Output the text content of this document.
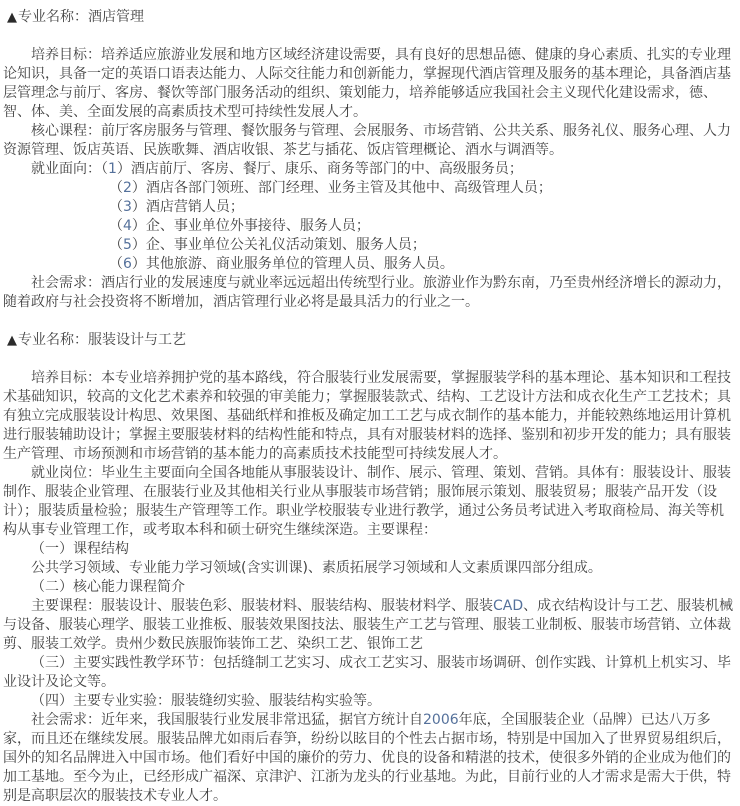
▲专业名称：酒店管理

培养目标：培养适应旅游业发展和地方区域经济建设需要，具有良好的思想品德、健康的身心素质、扎实的专业理论知识，具备一定的英语口语表达能力、人际交往能力和创新能力，掌握现代酒店管理及服务的基本理论，具备酒店基层管理念与前厅、客房、餐饮等部门服务活动的组织、策划能力，培养能够适应我国社会主义现代化建设需求，德、智、体、美、全面发展的高素质技术型可持续性发展人才。

核心课程：前厅客房服务与管理、餐饮服务与管理、会展服务、市场营销、公共关系、服务礼仪、服务心理、人力资源管理、饭店英语、民族歌舞、酒店收银、茶艺与插花、饭店管理概论、酒水与调酒等。

就业面向：（1）酒店前厅、客房、餐厅、康乐、商务等部门的中、高级服务员；

（2）酒店各部门领班、部门经理、业务主管及其他中、高级管理人员；

（3）酒店营销人员；

（4）企、事业单位外事接待、服务人员；

（5）企、事业单位公关礼仪活动策划、服务人员；

（6）其他旅游、商业服务单位的管理人员、服务人员。

社会需求：酒店行业的发展速度与就业率远远超出传统型行业。旅游业作为黔东南，乃至贵州经济增长的源动力，随着政府与社会投资将不断增加，酒店管理行业必将是最具活力的行业之一。

▲专业名称：服装设计与工艺

培养目标：本专业培养拥护党的基本路线，符合服装行业发展需要，掌握服装学科的基本理论、基本知识和工程技术基础知识，较高的文化艺术素养和较强的审美能力；掌握服装款式、结构、工艺设计方法和成衣化生产工艺技术；具有独立完成服装设计构思、效果图、基础纸样和推板及确定加工工艺与成衣制作的基本能力，并能较熟练地运用计算机进行服装辅助设计；掌握主要服装材料的结构性能和特点，具有对服装材料的选择、鉴别和初步开发的能力；具有服装生产管理、市场预测和市场营销的基本能力的高素质技术技能型可持续发展人才。

就业岗位：毕业生主要面向全国各地能从事服装设计、制作、展示、管理、策划、营销。具体有：服装设计、服装制作、服装企业管理、在服装行业及其他相关行业从事服装市场营销；服饰展示策划、服装贸易；服装产品开发（设计）；服装质量检验；服装生产管理等工作。职业学校服装专业进行教学，通过公务员考试进入考取商检局、海关等机构从事专业管理工作，或考取本科和硕士研究生继续深造。主要课程：

（一）课程结构

公共学习领域、专业能力学习领域(含实训课)、素质拓展学习领域和人文素质课四部分组成。

（二）核心能力课程简介

主要课程：服装设计、服装色彩、服装材料、服装结构、服装材料学、服装CAD、成衣结构设计与工艺、服装机械与设备、服装心理学、服装工业推板、服装效果图技法、服装生产工艺与管理、服装工业制板、服装市场营销、立体裁剪、服装工效学。贵州少数民族服饰装饰工艺、染织工艺、银饰工艺

（三）主要实践性教学环节：包括缝制工艺实习、成衣工艺实习、服装市场调研、创作实践、计算机上机实习、毕业设计及论文等。

（四）主要专业实验：服装缝纫实验、服装结构实验等。

社会需求：近年来，我国服装行业发展非常迅猛，据官方统计自2006年底，全国服装企业（品牌）已达八万多家，而且还在继续发展。服装品牌尤如雨后春笋，纷纷以眩目的个性去占据市场，特别是中国加入了世界贸易组织后，国外的知名品牌进入中国市场。他们看好中国的廉价的劳力、优良的设备和精湛的技术，使很多外销的企业成为他们的加工基地。至今为止，已经形成广福深、京津沪、江浙为龙头的行业基地。为此，目前行业的人才需求是需大于供，特别是高职层次的服装技术专业人才。
